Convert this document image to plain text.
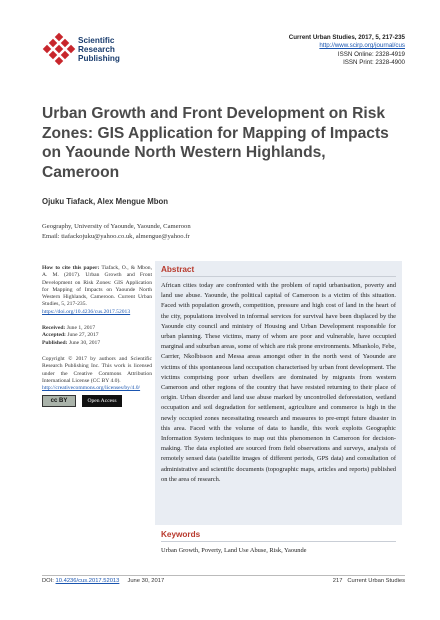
Scientific
Research
Publishing
Current Urban Studies, 2017, 5, 217-235
http://www.scirp.org/journal/cus
ISSN Online: 2328-4919
ISSN Print: 2328-4900
Urban Growth and Front Development on Risk Zones: GIS Application for Mapping of Impacts on Yaounde North Western Highlands, Cameroon
Ojuku Tiafack, Alex Mengue Mbon
Geography, University of Yaounde, Yaounde, Cameroon
Email: tiafackojuku@yahoo.co.uk, almengue@yahoo.fr
How to cite this paper: Tiafack, O., & Mbon, A. M. (2017). Urban Growth and Front Development on Risk Zones: GIS Application for Mapping of Impacts on Yaounde North Western Highlands, Cameroon. Current Urban Studies, 5, 217-235.
https://doi.org/10.4236/cus.2017.52013
Received: June 1, 2017
Accepted: June 27, 2017
Published: June 30, 2017
Copyright © 2017 by authors and Scientific Research Publishing Inc. This work is licensed under the Creative Commons Attribution International License (CC BY 4.0).
http://creativecommons.org/licenses/by/4.0/
cc BY	Open Access
Abstract
African cities today are confronted with the problem of rapid urbanisation, poverty and land use abuse. Yaounde, the political capital of Cameroon is a victim of this situation. Faced with population growth, competition, pressure and high cost of land in the heart of the city, populations involved in informal services for survival have been displaced by the Yaounde city council and ministry of Housing and Urban Development responsible for urban planning. These victims, many of whom are poor and vulnerable, have occupied marginal and suburban areas, some of which are risk prone environments. Mbankolo, Febe, Carrier, Nkolbisson and Messa areas amongst other in the north west of Yaounde are victims of this spontaneous land occupation characterised by urban front development. The victims comprising poor urban dwellers are dominated by migrants from western Cameroon and other regions of the country that have resisted returning to their place of origin. Urban disorder and land use abuse marked by uncontrolled deforestation, wetland occupation and soil degradation for settlement, agriculture and commerce is high in the newly occupied zones necessitating research and measures to pre-empt future disaster in this area. Faced with the volume of data to handle, this work exploits Geographic Information System techniques to map out this phenomenon in Cameroon for decision-making. The data exploited are sourced from field observations and surveys, analysis of remotely sensed data (satellite images of different periods, GPS data) and consultation of administrative and scientific documents (topographic maps, articles and reports) published on the area of research.
Keywords
Urban Growth, Poverty, Land Use Abuse, Risk, Yaounde
DOI: 10.4236/cus.2017.52013 June 30, 2017	217 Current Urban Studies
